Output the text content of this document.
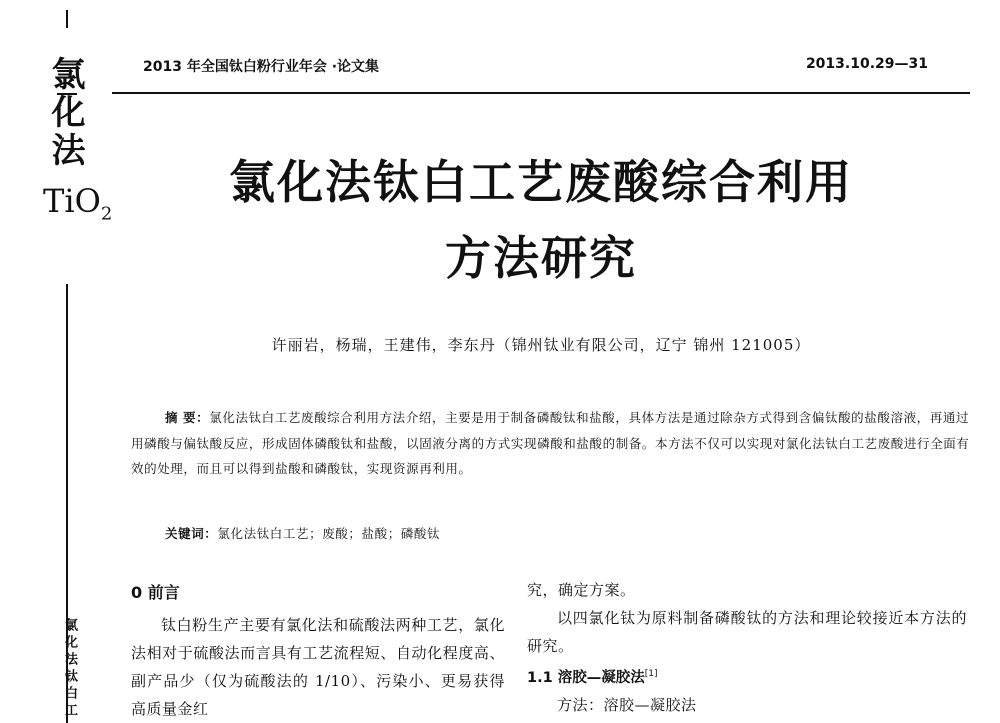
氯化法
TiO$_2$
氯化法钛白工
2013 年全国钛白粉行业年会 ·论文集	2013.10.29—31
氯化法钛白工艺废酸综合利用
方法研究
许丽岩，杨瑞，王建伟，李东丹（锦州钛业有限公司，辽宁 锦州 121005）
摘 要：氯化法钛白工艺废酸综合利用方法介绍，主要是用于制备磷酸钛和盐酸，具体方法是通过除杂方式得到含偏钛酸的盐酸溶液，再通过用磷酸与偏钛酸反应，形成固体磷酸钛和盐酸，以固液分离的方式实现磷酸和盐酸的制备。本方法不仅可以实现对氯化法钛白工艺废酸进行全面有效的处理，而且可以得到盐酸和磷酸钛，实现资源再利用。
关键词：氯化法钛白工艺；废酸；盐酸；磷酸钛
0 前言

钛白粉生产主要有氯化法和硫酸法两种工艺，氯化法相对于硫酸法而言具有工艺流程短、自动化程度高、副产品少（仅为硫酸法的 1/10）、污染小、更易获得高质量金红

究，确定方案。

以四氯化钛为原料制备磷酸钛的方法和理论较接近本方法的研究。

1.1 溶胶—凝胶法[1]

方法：溶胶—凝胶法
